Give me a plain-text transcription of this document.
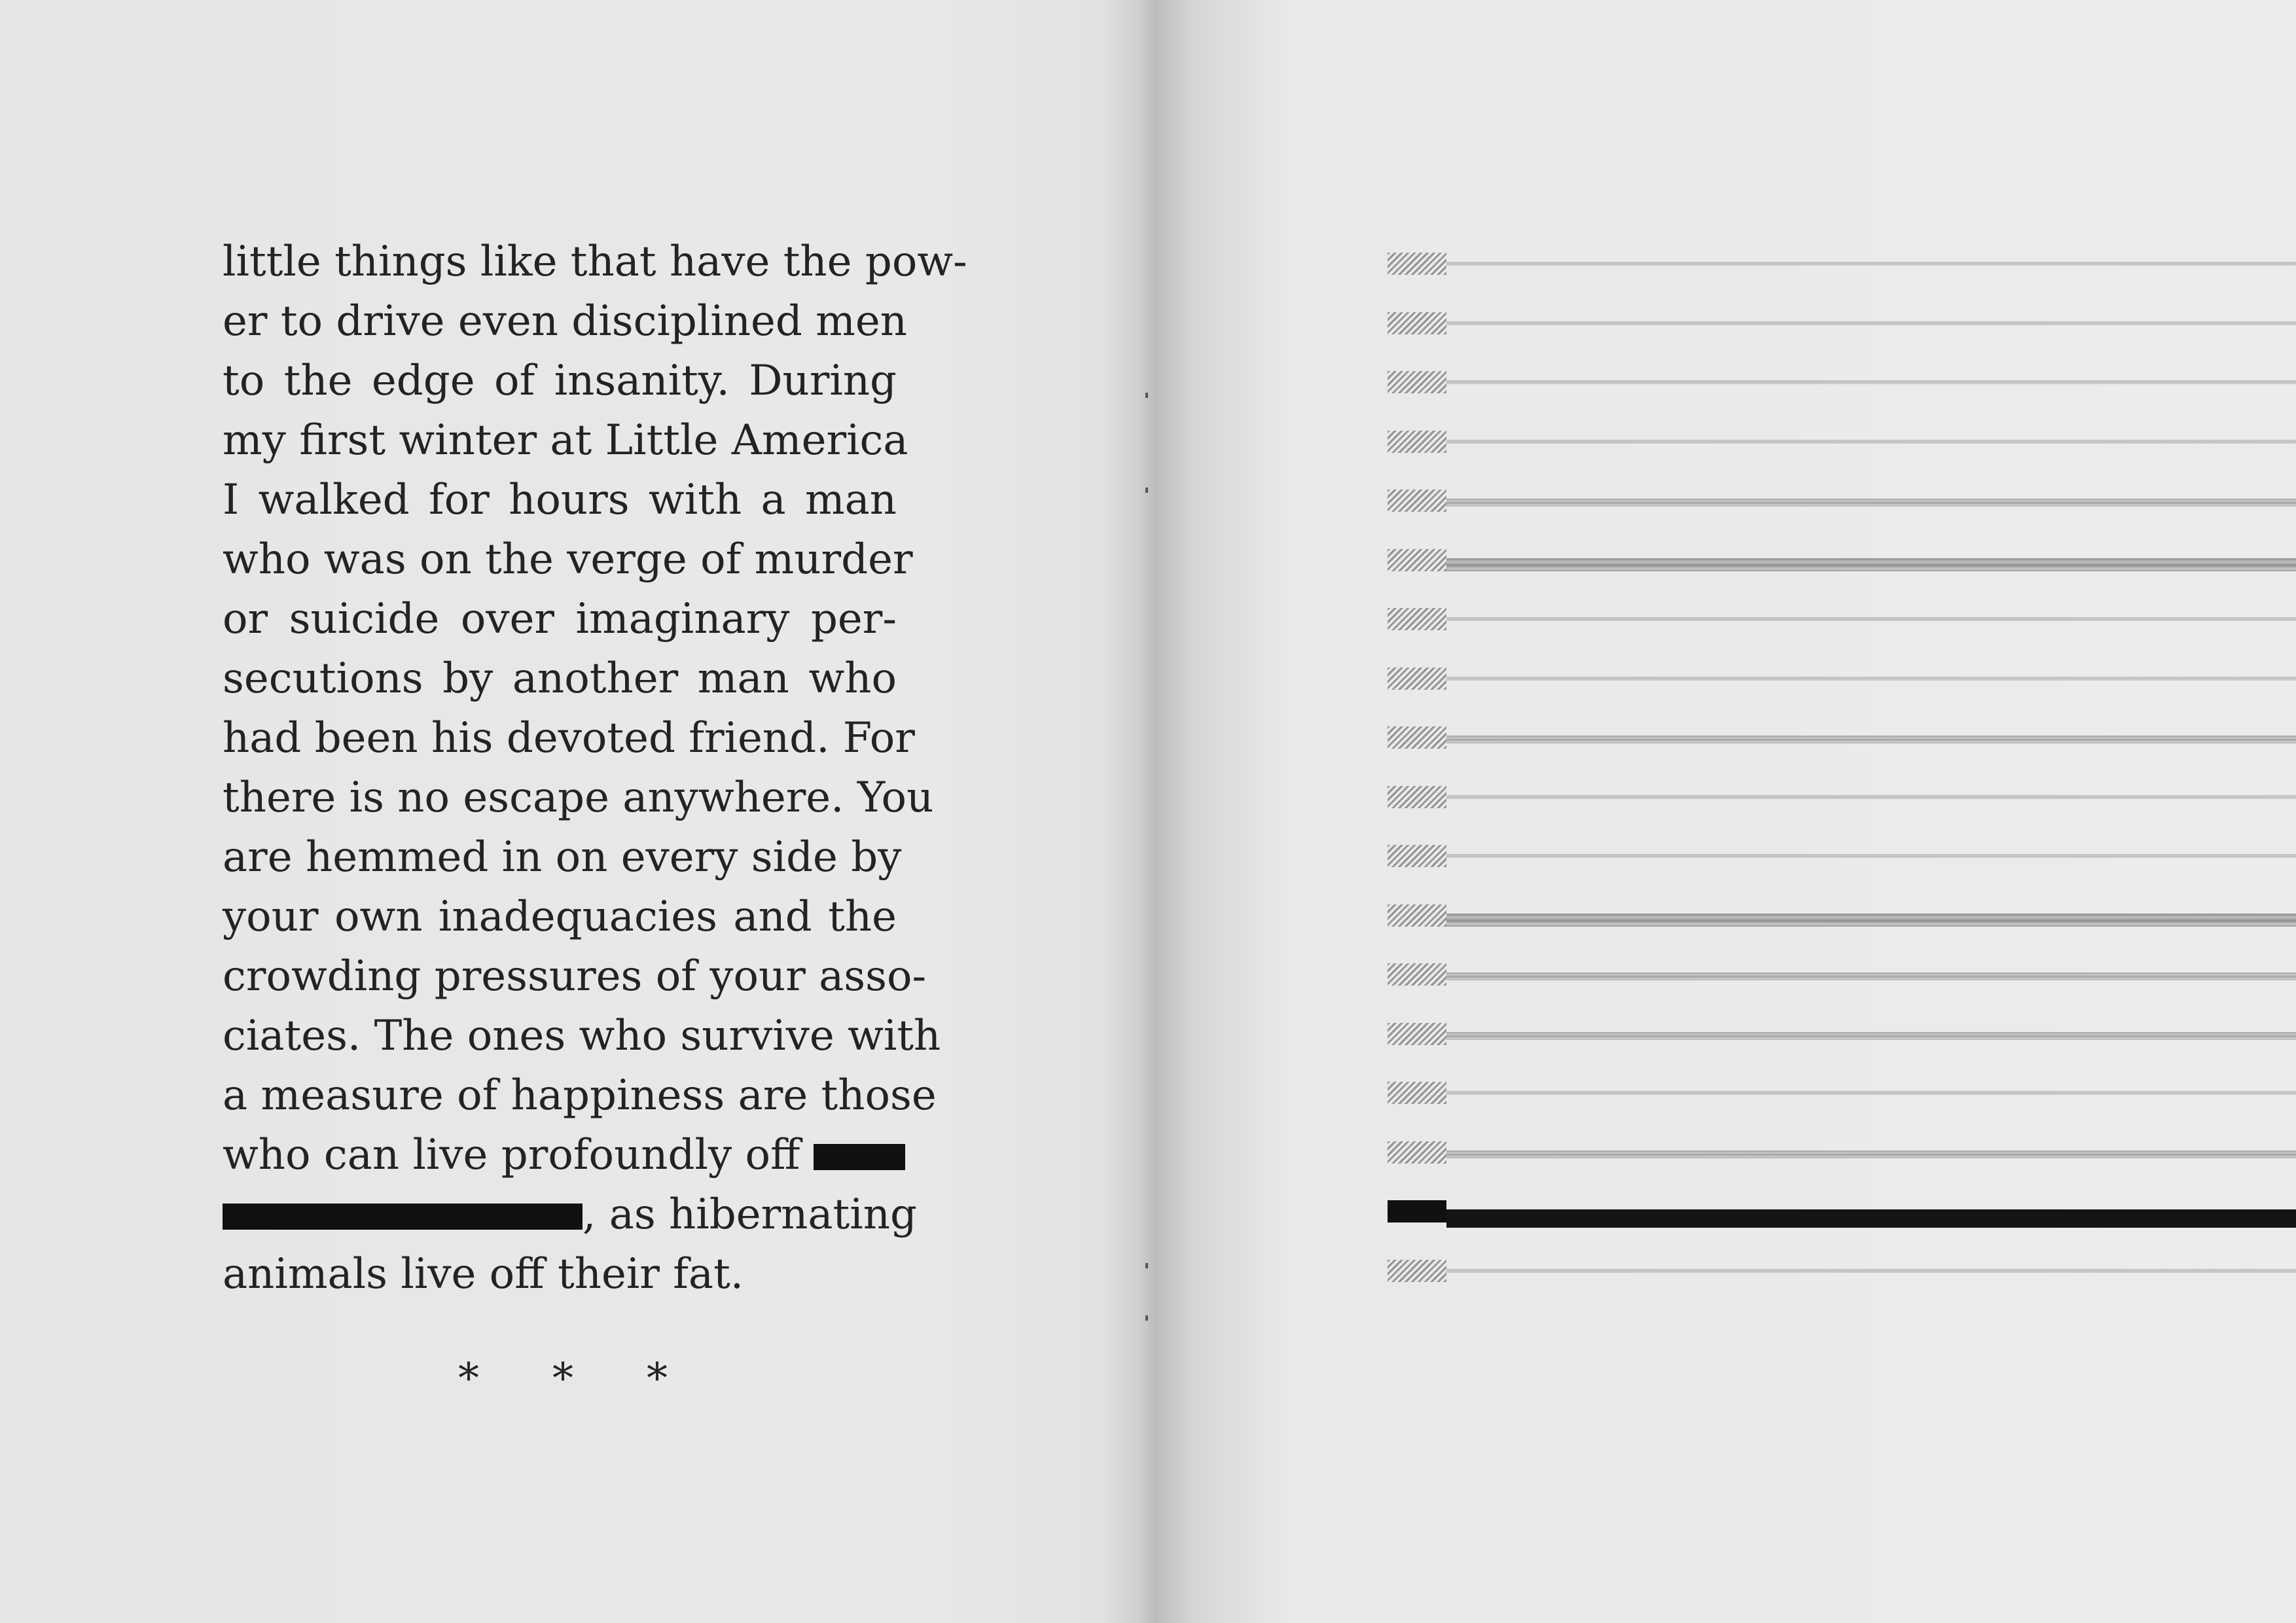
little things like that have the pow-
er to drive even disciplined men
to the edge of insanity. During
my first winter at Little America
I walked for hours with a man
who was on the verge of murder
or suicide over imaginary per-
secutions by another man who
had been his devoted friend. For
there is no escape anywhere. You
are hemmed in on every side by
your own inadequacies and the
crowding pressures of your asso-
ciates. The ones who survive with
a measure of happiness are those
who can live profoundly off
, as hibernating
animals live off their fat.
* * *
